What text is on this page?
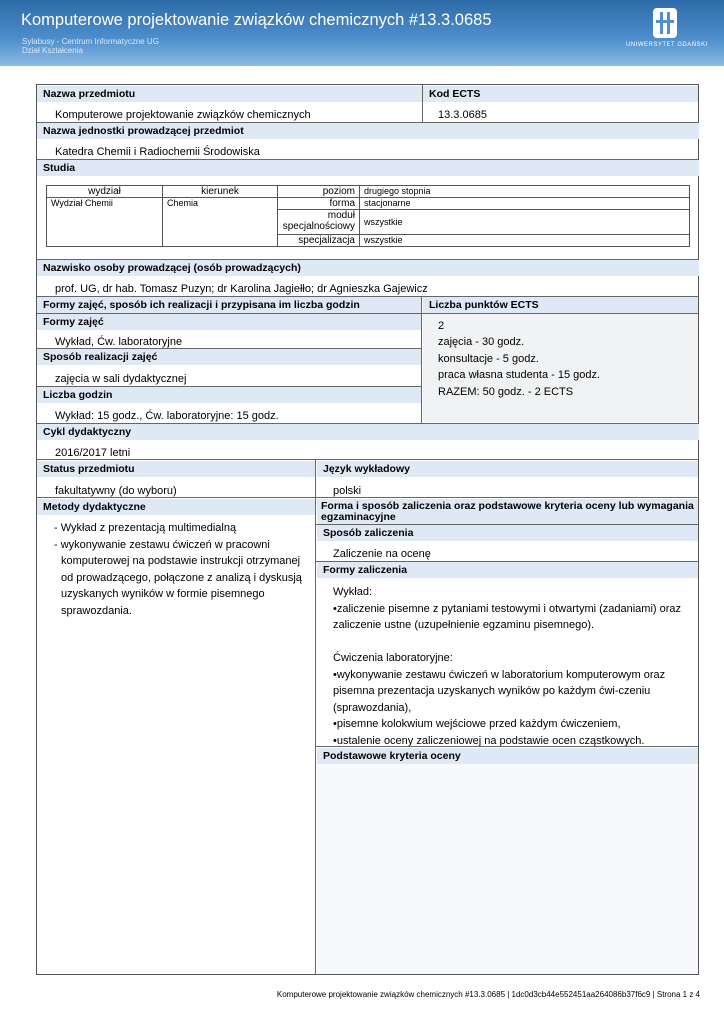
Komputerowe projektowanie związków chemicznych #13.3.0685
Sylabusy - Centrum Informatyczne UG
Dział Kształcenia
UNIWERSYTET GDAŃSKI
Nazwa przedmiotu	Kod ECTS
Komputerowe projektowanie związków chemicznych	13.3.0685
Nazwa jednostki prowadzącej przedmiot
Katedra Chemii i Radiochemii Środowiska
Studia
wydział	kierunek	poziom	drugiego stopnia
Wydział Chemii	Chemia	forma	stacjonarne
		moduł specjalnościowy	wszystkie
		specjalizacja	wszystkie
Nazwisko osoby prowadzącej (osób prowadzących)
prof. UG, dr hab. Tomasz Puzyn; dr Karolina Jagiełło; dr Agnieszka Gajewicz
Formy zajęć, sposób ich realizacji i przypisana im liczba godzin	Liczba punktów ECTS
Formy zajęć
Wykład, Ćw. laboratoryjne
Sposób realizacji zajęć
zajęcia w sali dydaktycznej
Liczba godzin
Wykład: 15 godz., Ćw. laboratoryjne: 15 godz.
2
zajęcia - 30 godz.
konsultacje - 5 godz.
praca własna studenta - 15 godz.
RAZEM: 50 godz. - 2 ECTS
Cykl dydaktyczny
2016/2017 letni
Status przedmiotu	Język wykładowy
fakultatywny (do wyboru)	polski
Metody dydaktyczne
- Wykład z prezentacją multimedialną
- wykonywanie zestawu ćwiczeń w pracowni
komputerowej na podstawie instrukcji otrzymanej
od prowadzącego, połączone z analizą i dyskusją
uzyskanych wyników w formie pisemnego
sprawozdania.
Forma i sposób zaliczenia oraz podstawowe kryteria oceny lub wymagania egzaminacyjne
Sposób zaliczenia
Zaliczenie na ocenę
Formy zaliczenia
Wykład:
•zaliczenie pisemne z pytaniami testowymi i otwartymi (zadaniami) oraz
zaliczenie ustne (uzupełnienie egzaminu pisemnego).
Ćwiczenia laboratoryjne:
•wykonywanie zestawu ćwiczeń w laboratorium komputerowym oraz
pisemna prezentacja uzyskanych wyników po każdym ćwi-czeniu
(sprawozdania),
•pisemne kolokwium wejściowe przed każdym ćwiczeniem,
•ustalenie oceny zaliczeniowej na podstawie ocen cząstkowych.
Podstawowe kryteria oceny
Komputerowe projektowanie związków chemicznych #13.3.0685 | 1dc0d3cb44e552451aa264086b37f6c9 | Strona 1 z 4
